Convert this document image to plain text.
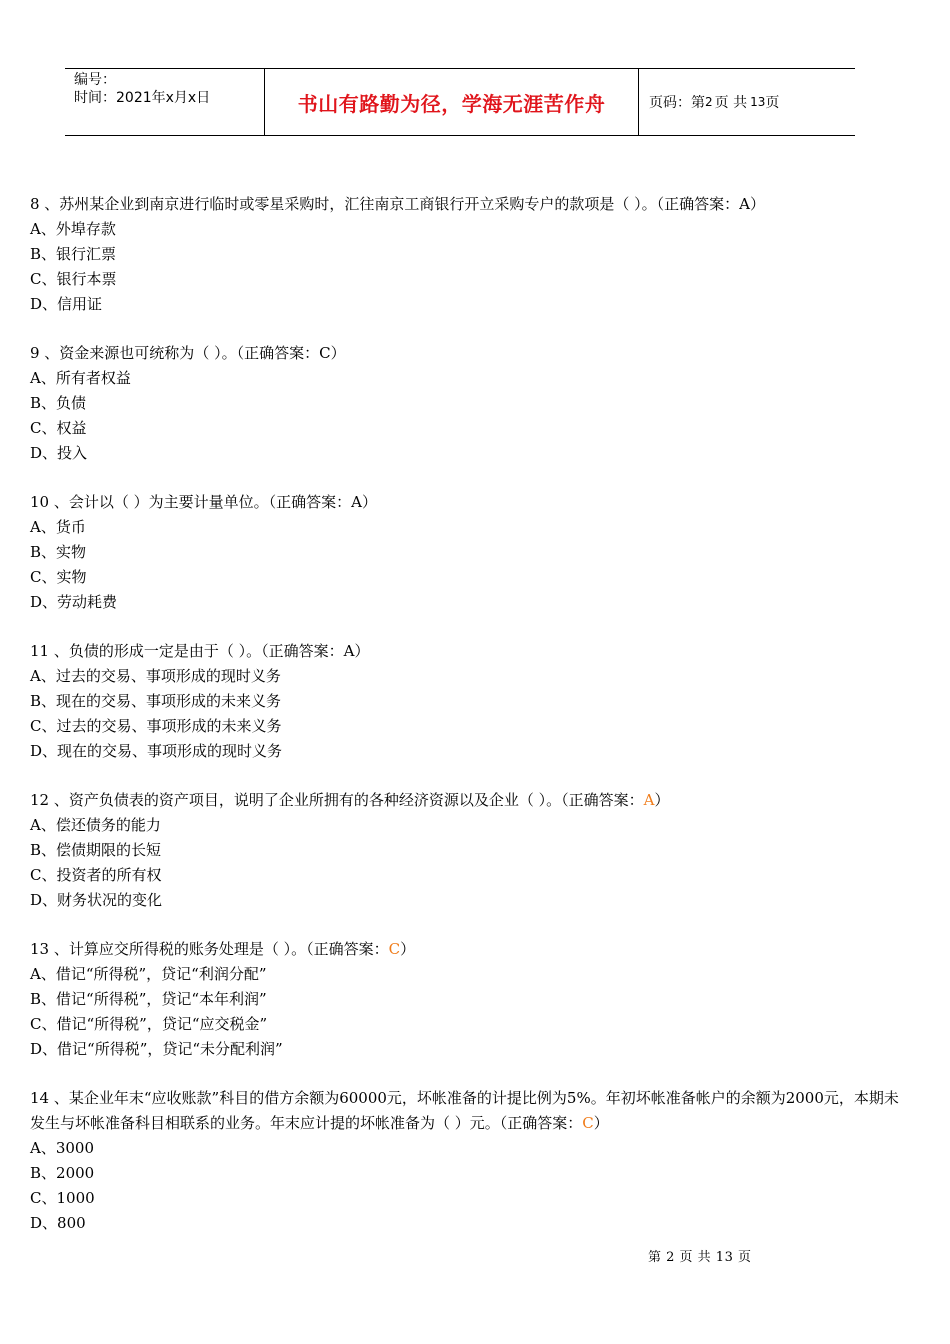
编号：
时间：2021年x月x日	书山有路勤为径，学海无涯苦作舟	页码：第 2 页 共 13 页
8 、苏州某企业到南京进行临时或零星采购时，汇往南京工商银行开立采购专户的款项是（ ）。（正确答案：A）
A、外埠存款
B、银行汇票
C、银行本票
D、信用证
9 、资金来源也可统称为（ ）。（正确答案：C）
A、所有者权益
B、负债
C、权益
D、投入
10 、会计以（ ）为主要计量单位。（正确答案：A）
A、货币
B、实物
C、实物
D、劳动耗费
11 、负债的形成一定是由于（ ）。（正确答案：A）
A、过去的交易、事项形成的现时义务
B、现在的交易、事项形成的未来义务
C、过去的交易、事项形成的未来义务
D、现在的交易、事项形成的现时义务
12 、资产负债表的资产项目，说明了企业所拥有的各种经济资源以及企业（ ）。（正确答案：A）
A、偿还债务的能力
B、偿债期限的长短
C、投资者的所有权
D、财务状况的变化
13 、计算应交所得税的账务处理是（ ）。（正确答案：C）
A、借记“所得税”，贷记“利润分配”
B、借记“所得税”，贷记“本年利润”
C、借记“所得税”，贷记“应交税金”
D、借记“所得税”，贷记“未分配利润”
14 、某企业年末“应收账款”科目的借方余额为60000元，坏帐准备的计提比例为5%。年初坏帐准备帐户的余额为2000元，本期未发生与坏帐准备科目相联系的业务。年末应计提的坏帐准备为（ ）元。（正确答案：C）
A、3000
B、2000
C、1000
D、800
第 2 页 共 13 页
